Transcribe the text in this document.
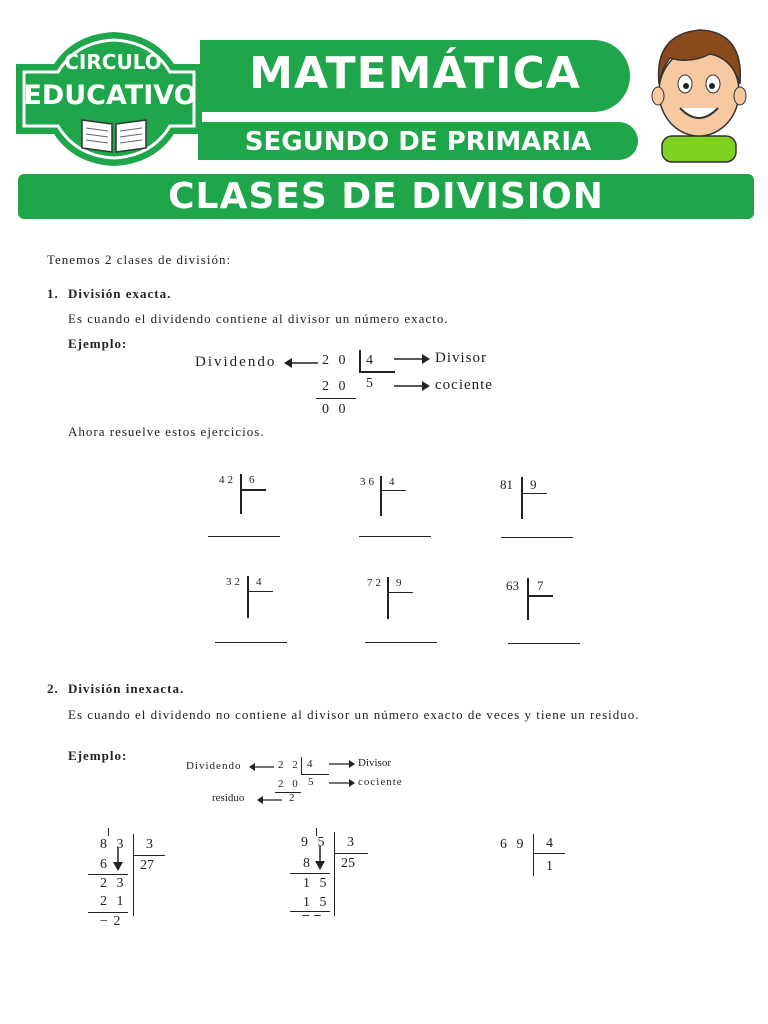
CIRCULO
EDUCATIVO	MATEMÁTICA
SEGUNDO DE PRIMARIA
CLASES DE DIVISION
Tenemos 2 clases de división:
1. División exacta.
Es cuando el dividendo contiene al divisor un número exacto.
Ejemplo:
Dividendo	2 0 4	Divisor
2 0 5	cociente
0 0
Ahora resuelve estos ejercicios.
42 6	36 4	81 9
32 4	72 9	63 7
2. División inexacta.
Es cuando el dividendo no contiene al divisor un número exacto de veces y tiene un residuo.
Ejemplo:
Dividendo	2 2 4	Divisor
2 0 5	cociente
residuo	2
8 3 3
6 27
2 3
2 1
− 2
9 5 3
8 25
1 5
1 5
− −
6 9 4
1
